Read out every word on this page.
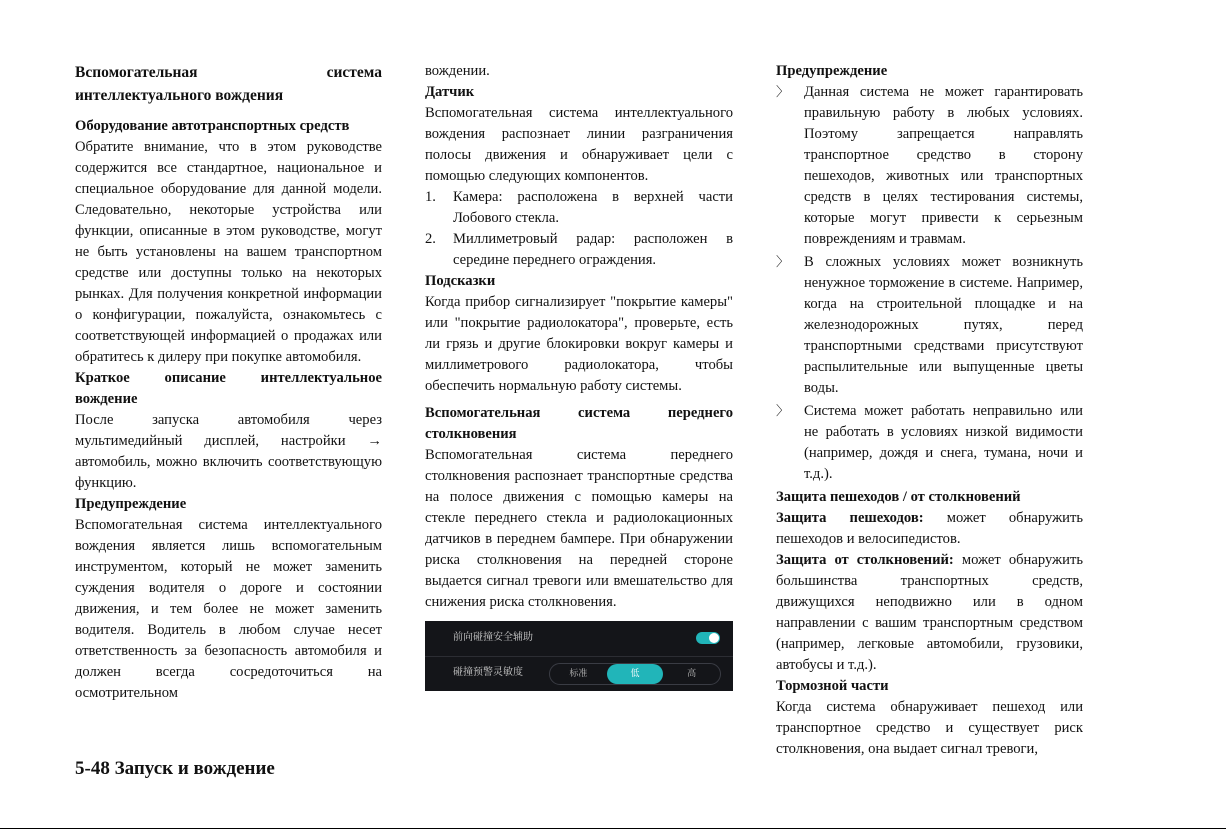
Вспомогательная система интеллектуального вождения
Оборудование автотранспортных средств

Обратите внимание, что в этом руководстве содержится все стандартное, национальное и специальное оборудование для данной модели. Следовательно, некоторые устройства или функции, описанные в этом руководстве, могут не быть установлены на вашем транспортном средстве или доступны только на некоторых рынках. Для получения конкретной информации о конфигурации, пожалуйста, ознакомьтесь с соответствующей информацией о продажах или обратитесь к дилеру при покупке автомобиля.

Краткое описание интеллектуальное вождение

После запуска автомобиля через мультимедийный дисплей, настройки → автомобиль, можно включить соответствующую функцию.

Предупреждение

Вспомогательная система интеллектуального вождения является лишь вспомогательным инструментом, который не может заменить суждения водителя о дороге и состоянии движения, и тем более не может заменить водителя. Водитель в любом случае несет ответственность за безопасность автомобиля и должен всегда сосредоточиться на осмотрительном

вождении.

Датчик

Вспомогательная система интеллектуального вождения распознает линии разграничения полосы движения и обнаруживает цели с помощью следующих компонентов.

1. Камера: расположена в верхней части Лобового стекла.
2. Миллиметровый радар: расположен в середине переднего ограждения.
Подсказки

Когда прибор сигнализирует "покрытие камеры" или "покрытие радиолокатора", проверьте, есть ли грязь и другие блокировки вокруг камеры и миллиметрового радиолокатора, чтобы обеспечить нормальную работу системы.

Вспомогательная система переднего столкновения

Вспомогательная система переднего столкновения распознает транспортные средства на полосе движения с помощью камеры на стекле переднего стекла и радиолокационных датчиков в переднем бампере. При обнаружении риска столкновения на передней стороне выдается сигнал тревоги или вмешательство для снижения риска столкновения.

前向碰撞安全辅助
碰撞预警灵敏度	标准	低	高
Предупреждение
〉 Данная система не может гарантировать правильную работу в любых условиях. Поэтому запрещается направлять транспортное средство в сторону пешеходов, животных или транспортных средств в целях тестирования системы, которые могут привести к серьезным повреждениям и травмам.
〉 В сложных условиях может возникнуть ненужное торможение в системе. Например, когда на строительной площадке и на железнодорожных путях, перед транспортными средствами присутствуют распылительные или выпущенные цветы воды.
〉 Система может работать неправильно или не работать в условиях низкой видимости (например, дождя и снега, тумана, ночи и т.д.).
Защита пешеходов / от столкновений

Защита пешеходов: может обнаружить пешеходов и велосипедистов.

Защита от столкновений: может обнаружить большинства транспортных средств, движущихся неподвижно или в одном направлении с вашим транспортным средством (например, легковые автомобили, грузовики, автобусы и т.д.).

Тормозной части

Когда система обнаруживает пешеход или транспортное средство и существует риск столкновения, она выдает сигнал тревоги,

5-48 Запуск и вождение
